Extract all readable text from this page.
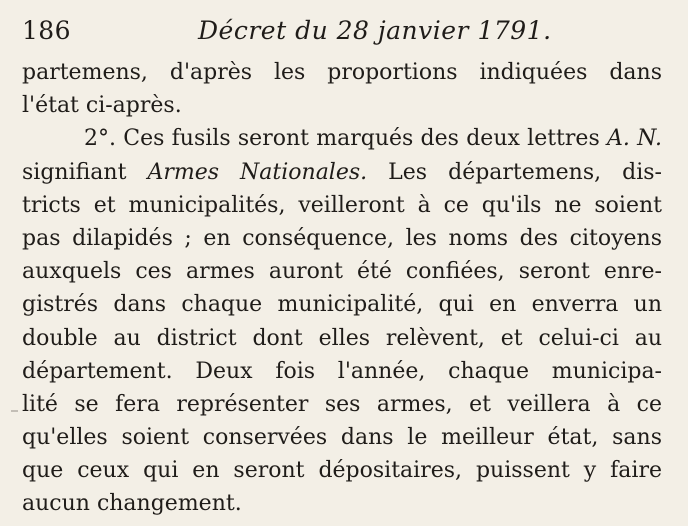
186	Décret du 28 janvier 1791.
partemens, d'après les proportions indiquées dans
l'état ci-après.
2°. Ces fusils seront marqués des deux lettres A. N.
signifiant Armes Nationales. Les départemens, dis-
tricts et municipalités, veilleront à ce qu'ils ne soient
pas dilapidés ; en conséquence, les noms des citoyens
auxquels ces armes auront été confiées, seront enre-
gistrés dans chaque municipalité, qui en enverra un
double au district dont elles relèvent, et celui-ci au
département. Deux fois l'année, chaque municipa-
lité se fera représenter ses armes, et veillera à ce
qu'elles soient conservées dans le meilleur état, sans
que ceux qui en seront dépositaires, puissent y faire
aucun changement.
